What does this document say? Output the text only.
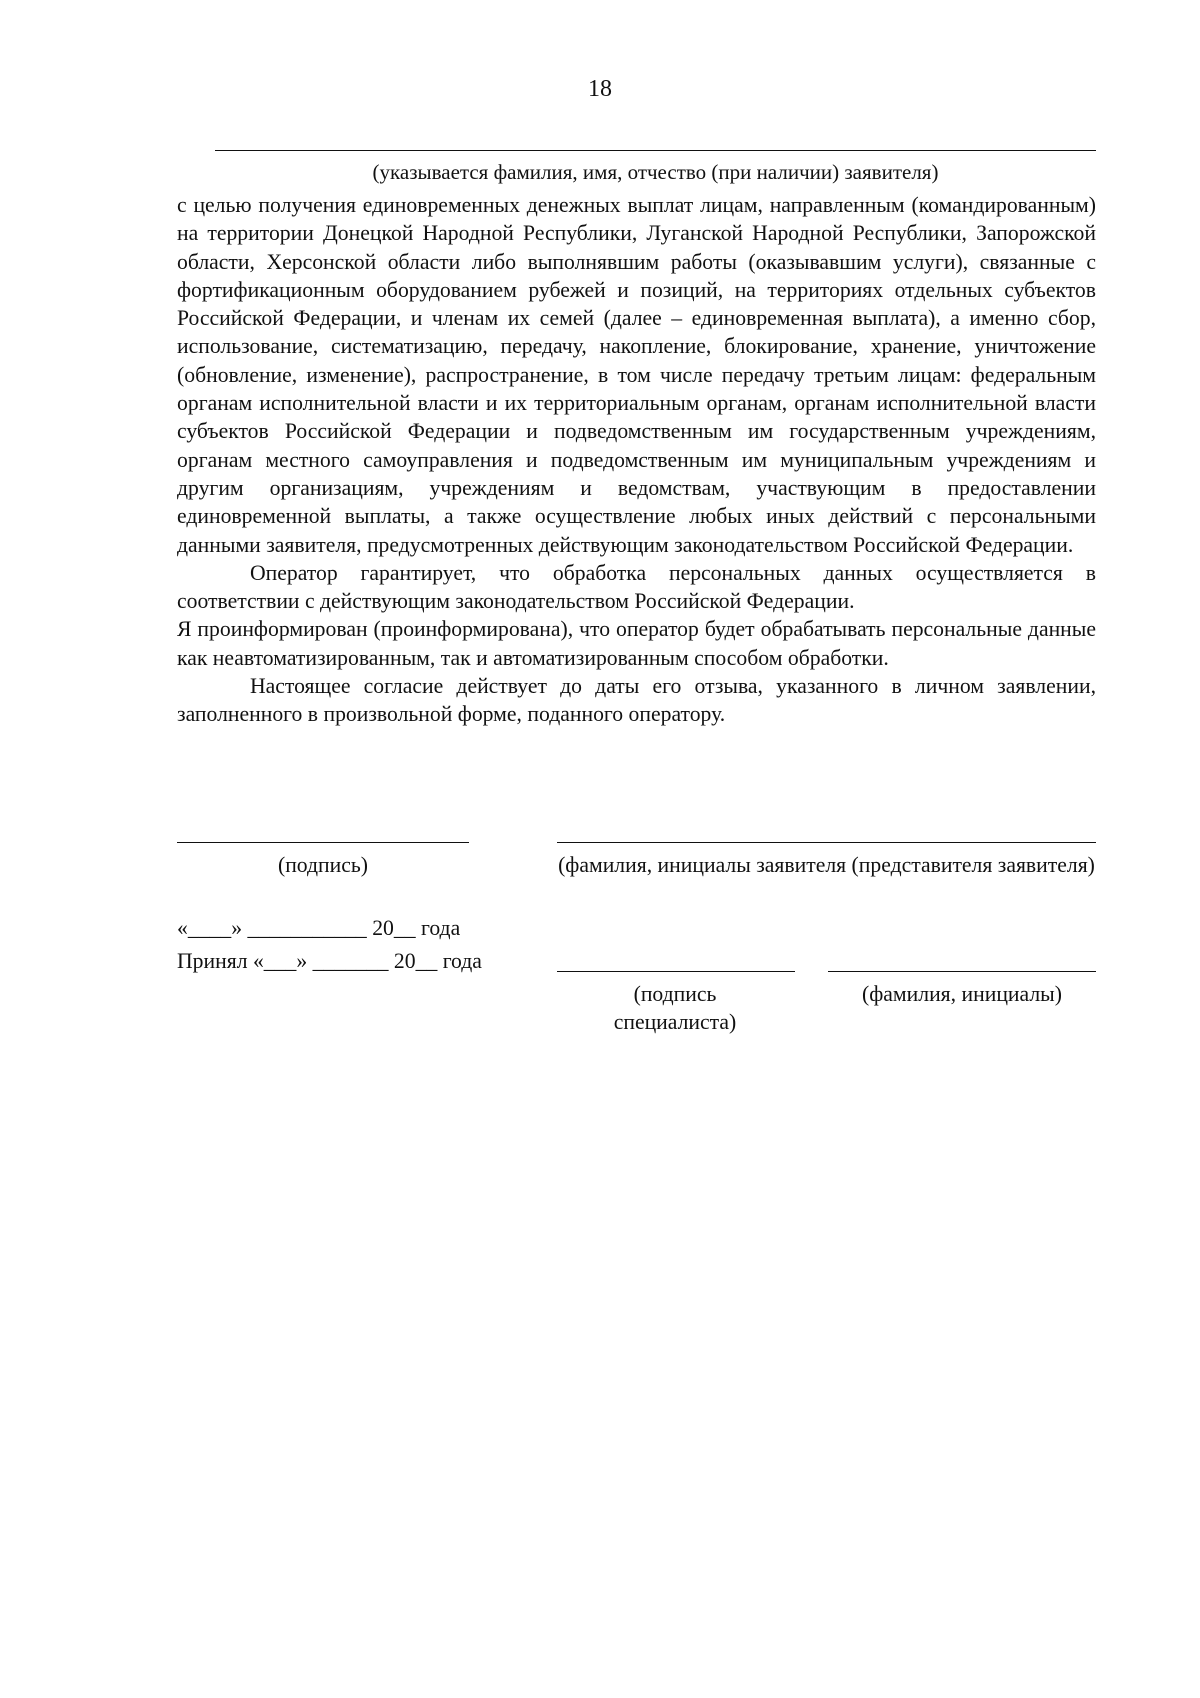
18
(указывается фамилия, имя, отчество (при наличии) заявителя)

с целью получения единовременных денежных выплат лицам, направленным (командированным) на территории Донецкой Народной Республики, Луганской Народной Республики, Запорожской области, Херсонской области либо выполнявшим работы (оказывавшим услуги), связанные с фортификационным оборудованием рубежей и позиций, на территориях отдельных субъектов Российской Федерации, и членам их семей (далее – единовременная выплата), а именно сбор, использование, систематизацию, передачу, накопление, блокирование, хранение, уничтожение (обновление, изменение), распространение, в том числе передачу третьим лицам: федеральным органам исполнительной власти и их территориальным органам, органам исполнительной власти субъектов Российской Федерации и подведомственным им государственным учреждениям, органам местного самоуправления и подведомственным им муниципальным учреждениям и другим организациям, учреждениям и ведомствам, участвующим в предоставлении единовременной выплаты, а также осуществление любых иных действий с персональными данными заявителя, предусмотренных действующим законодательством Российской Федерации.

Оператор гарантирует, что обработка персональных данных осуществляется в соответствии с действующим законодательством Российской Федерации.

Я проинформирован (проинформирована), что оператор будет обрабатывать персональные данные как неавтоматизированным, так и автоматизированным способом обработки.

Настоящее согласие действует до даты его отзыва, указанного в личном заявлении, заполненного в произвольной форме, поданного оператору.

(подпись)	(фамилия, инициалы заявителя (представителя заявителя)
«____» ___________ 20__ года
Принял «___» _______ 20__ года
(подпись специалиста)
(фамилия, инициалы)
